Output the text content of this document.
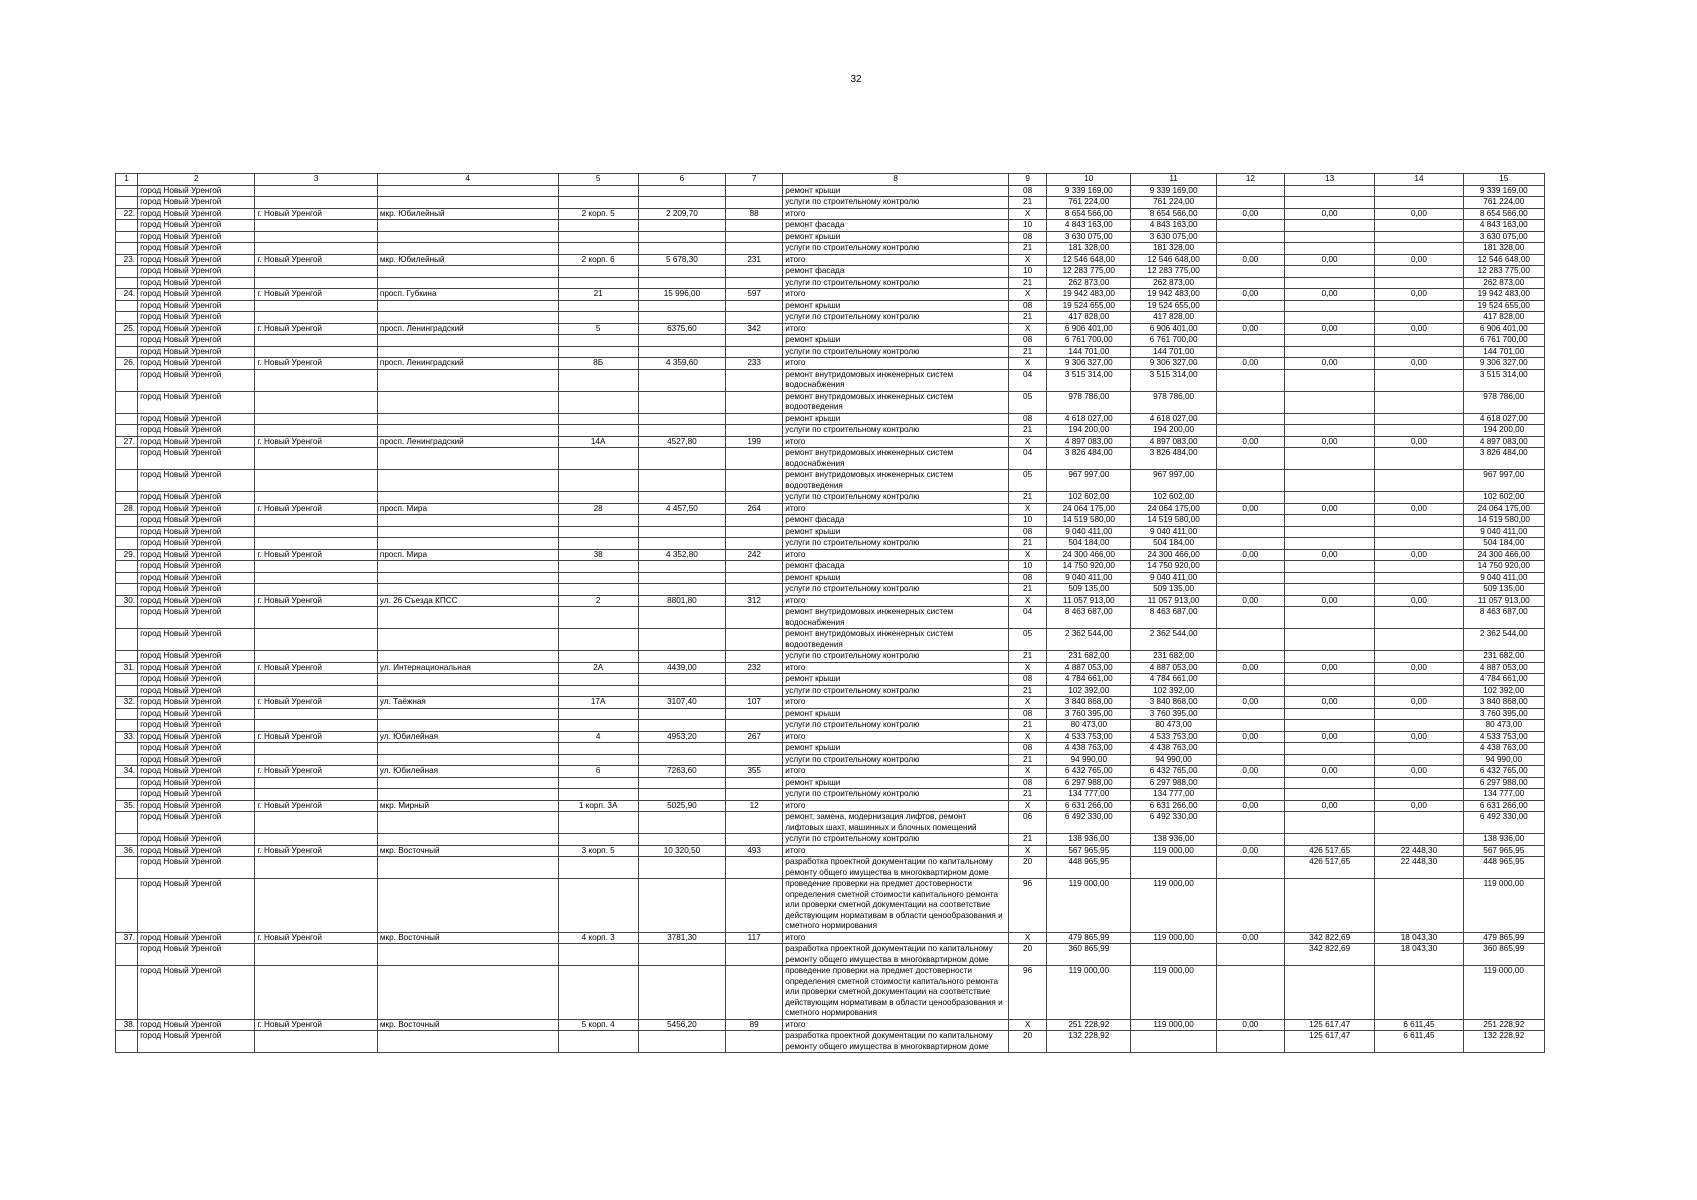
32
1	2	3	4	5	6	7	8	9	10	11	12	13	14	15
	город Новый Уренгой						ремонт крыши	08	9 339 169,00	9 339 169,00				9 339 169,00
	город Новый Уренгой						услуги по строительному контролю	21	761 224,00	761 224,00				761 224,00
22.	город Новый Уренгой	г. Новый Уренгой	мкр. Юбилейный	2 корп. 5	2 209,70	88	итого	X	8 654 566,00	8 654 566,00	0,00	0,00	0,00	8 654 566,00
	город Новый Уренгой						ремонт фасада	10	4 843 163,00	4 843 163,00				4 843 163,00
	город Новый Уренгой						ремонт крыши	08	3 630 075,00	3 630 075,00				3 630 075,00
	город Новый Уренгой						услуги по строительному контролю	21	181 328,00	181 328,00				181 328,00
23.	город Новый Уренгой	г. Новый Уренгой	мкр. Юбилейный	2 корп. 6	5 678,30	231	итого	X	12 546 648,00	12 546 648,00	0,00	0,00	0,00	12 546 648,00
	город Новый Уренгой						ремонт фасада	10	12 283 775,00	12 283 775,00				12 283 775,00
	город Новый Уренгой						услуги по строительному контролю	21	262 873,00	262 873,00				262 873,00
24.	город Новый Уренгой	г. Новый Уренгой	просп. Губкина	21	15 996,00	597	итого	X	19 942 483,00	19 942 483,00	0,00	0,00	0,00	19 942 483,00
	город Новый Уренгой						ремонт крыши	08	19 524 655,00	19 524 655,00				19 524 655,00
	город Новый Уренгой						услуги по строительному контролю	21	417 828,00	417 828,00				417 828,00
25.	город Новый Уренгой	г. Новый Уренгой	просп. Ленинградский	5	6375,60	342	итого	X	6 906 401,00	6 906 401,00	0,00	0,00	0,00	6 906 401,00
	город Новый Уренгой						ремонт крыши	08	6 761 700,00	6 761 700,00				6 761 700,00
	город Новый Уренгой						услуги по строительному контролю	21	144 701,00	144 701,00				144 701,00
26.	город Новый Уренгой	г. Новый Уренгой	просп. Ленинградский	8Б	4 359,60	233	итого	X	9 306 327,00	9 306 327,00	0,00	0,00	0,00	9 306 327,00
	город Новый Уренгой						ремонт внутридомовых инженерных систем водоснабжения	04	3 515 314,00	3 515 314,00				3 515 314,00
	город Новый Уренгой						ремонт внутридомовых инженерных систем водоотведения	05	978 786,00	978 786,00				978 786,00
	город Новый Уренгой						ремонт крыши	08	4 618 027,00	4 618 027,00				4 618 027,00
	город Новый Уренгой						услуги по строительному контролю	21	194 200,00	194 200,00				194 200,00
27.	город Новый Уренгой	г. Новый Уренгой	просп. Ленинградский	14А	4527,80	199	итого	X	4 897 083,00	4 897 083,00	0,00	0,00	0,00	4 897 083,00
	город Новый Уренгой						ремонт внутридомовых инженерных систем водоснабжения	04	3 826 484,00	3 826 484,00				3 826 484,00
	город Новый Уренгой						ремонт внутридомовых инженерных систем водоотведения	05	967 997,00	967 997,00				967 997,00
	город Новый Уренгой						услуги по строительному контролю	21	102 602,00	102 602,00				102 602,00
28.	город Новый Уренгой	г. Новый Уренгой	просп. Мира	28	4 457,50	264	итого	X	24 064 175,00	24 064 175,00	0,00	0,00	0,00	24 064 175,00
	город Новый Уренгой						ремонт фасада	10	14 519 580,00	14 519 580,00				14 519 580,00
	город Новый Уренгой						ремонт крыши	08	9 040 411,00	9 040 411,00				9 040 411,00
	город Новый Уренгой						услуги по строительному контролю	21	504 184,00	504 184,00				504 184,00
29.	город Новый Уренгой	г. Новый Уренгой	просп. Мира	38	4 352,80	242	итого	X	24 300 466,00	24 300 466,00	0,00	0,00	0,00	24 300 466,00
	город Новый Уренгой						ремонт фасада	10	14 750 920,00	14 750 920,00				14 750 920,00
	город Новый Уренгой						ремонт крыши	08	9 040 411,00	9 040 411,00				9 040 411,00
	город Новый Уренгой						услуги по строительному контролю	21	509 135,00	509 135,00				509 135,00
30.	город Новый Уренгой	г. Новый Уренгой	ул. 26 Съезда КПСС	2	8801,80	312	итого	X	11 057 913,00	11 057 913,00	0,00	0,00	0,00	11 057 913,00
	город Новый Уренгой						ремонт внутридомовых инженерных систем водоснабжения	04	8 463 687,00	8 463 687,00				8 463 687,00
	город Новый Уренгой						ремонт внутридомовых инженерных систем водоотведения	05	2 362 544,00	2 362 544,00				2 362 544,00
	город Новый Уренгой						услуги по строительному контролю	21	231 682,00	231 682,00				231 682,00
31.	город Новый Уренгой	г. Новый Уренгой	ул. Интернациональная	2А	4439,00	232	итого	X	4 887 053,00	4 887 053,00	0,00	0,00	0,00	4 887 053,00
	город Новый Уренгой						ремонт крыши	08	4 784 661,00	4 784 661,00				4 784 661,00
	город Новый Уренгой						услуги по строительному контролю	21	102 392,00	102 392,00				102 392,00
32.	город Новый Уренгой	г. Новый Уренгой	ул. Таёжная	17А	3107,40	107	итого	X	3 840 868,00	3 840 868,00	0,00	0,00	0,00	3 840 868,00
	город Новый Уренгой						ремонт крыши	08	3 760 395,00	3 760 395,00				3 760 395,00
	город Новый Уренгой						услуги по строительному контролю	21	80 473,00	80 473,00				80 473,00
33.	город Новый Уренгой	г. Новый Уренгой	ул. Юбилейная	4	4953,20	267	итого	X	4 533 753,00	4 533 753,00	0,00	0,00	0,00	4 533 753,00
	город Новый Уренгой						ремонт крыши	08	4 438 763,00	4 438 763,00				4 438 763,00
	город Новый Уренгой						услуги по строительному контролю	21	94 990,00	94 990,00				94 990,00
34.	город Новый Уренгой	г. Новый Уренгой	ул. Юбилейная	6	7263,60	355	итого	X	6 432 765,00	6 432 765,00	0,00	0,00	0,00	6 432 765,00
	город Новый Уренгой						ремонт крыши	08	6 297 988,00	6 297 988,00				6 297 988,00
	город Новый Уренгой						услуги по строительному контролю	21	134 777,00	134 777,00				134 777,00
35.	город Новый Уренгой	г. Новый Уренгой	мкр. Мирный	1 корп. 3А	5025,90	12	итого	X	6 631 266,00	6 631 266,00	0,00	0,00	0,00	6 631 266,00
	город Новый Уренгой						ремонт, замена, модернизация лифтов, ремонт лифтовых шахт, машинных и блочных помещений	06	6 492 330,00	6 492 330,00				6 492 330,00
	город Новый Уренгой						услуги по строительному контролю	21	138 936,00	138 936,00				138 936,00
36.	город Новый Уренгой	г. Новый Уренгой	мкр. Восточный	3 корп. 5	10 320,50	493	итого	X	567 965,95	119 000,00	0,00	426 517,65	22 448,30	567 965,95
	город Новый Уренгой						разработка проектной документации по капитальному ремонту общего имущества в многоквартирном доме	20	448 965,95			426 517,65	22 448,30	448 965,95
	город Новый Уренгой						проведение проверки на предмет достоверности определения сметной стоимости капитального ремонта или проверки сметной документации на соответствие действующим нормативам в области ценообразования и сметного нормирования	96	119 000,00	119 000,00				119 000,00
37.	город Новый Уренгой	г. Новый Уренгой	мкр. Восточный	4 корп. 3	3781,30	117	итого	X	479 865,99	119 000,00	0,00	342 822,69	18 043,30	479 865,99
	город Новый Уренгой						разработка проектной документации по капитальному ремонту общего имущества в многоквартирном доме	20	360 865,99			342 822,69	18 043,30	360 865,99
	город Новый Уренгой						проведение проверки на предмет достоверности определения сметной стоимости капитального ремонта или проверки сметной документации на соответствие действующим нормативам в области ценообразования и сметного нормирования	96	119 000,00	119 000,00				119 000,00
38.	город Новый Уренгой	г. Новый Уренгой	мкр. Восточный	5 корп. 4	5456,20	89	итого	X	251 228,92	119 000,00	0,00	125 617,47	6 611,45	251 228,92
	город Новый Уренгой						разработка проектной документации по капитальному ремонту общего имущества в многоквартирном доме	20	132 228,92			125 617,47	6 611,45	132 228,92
